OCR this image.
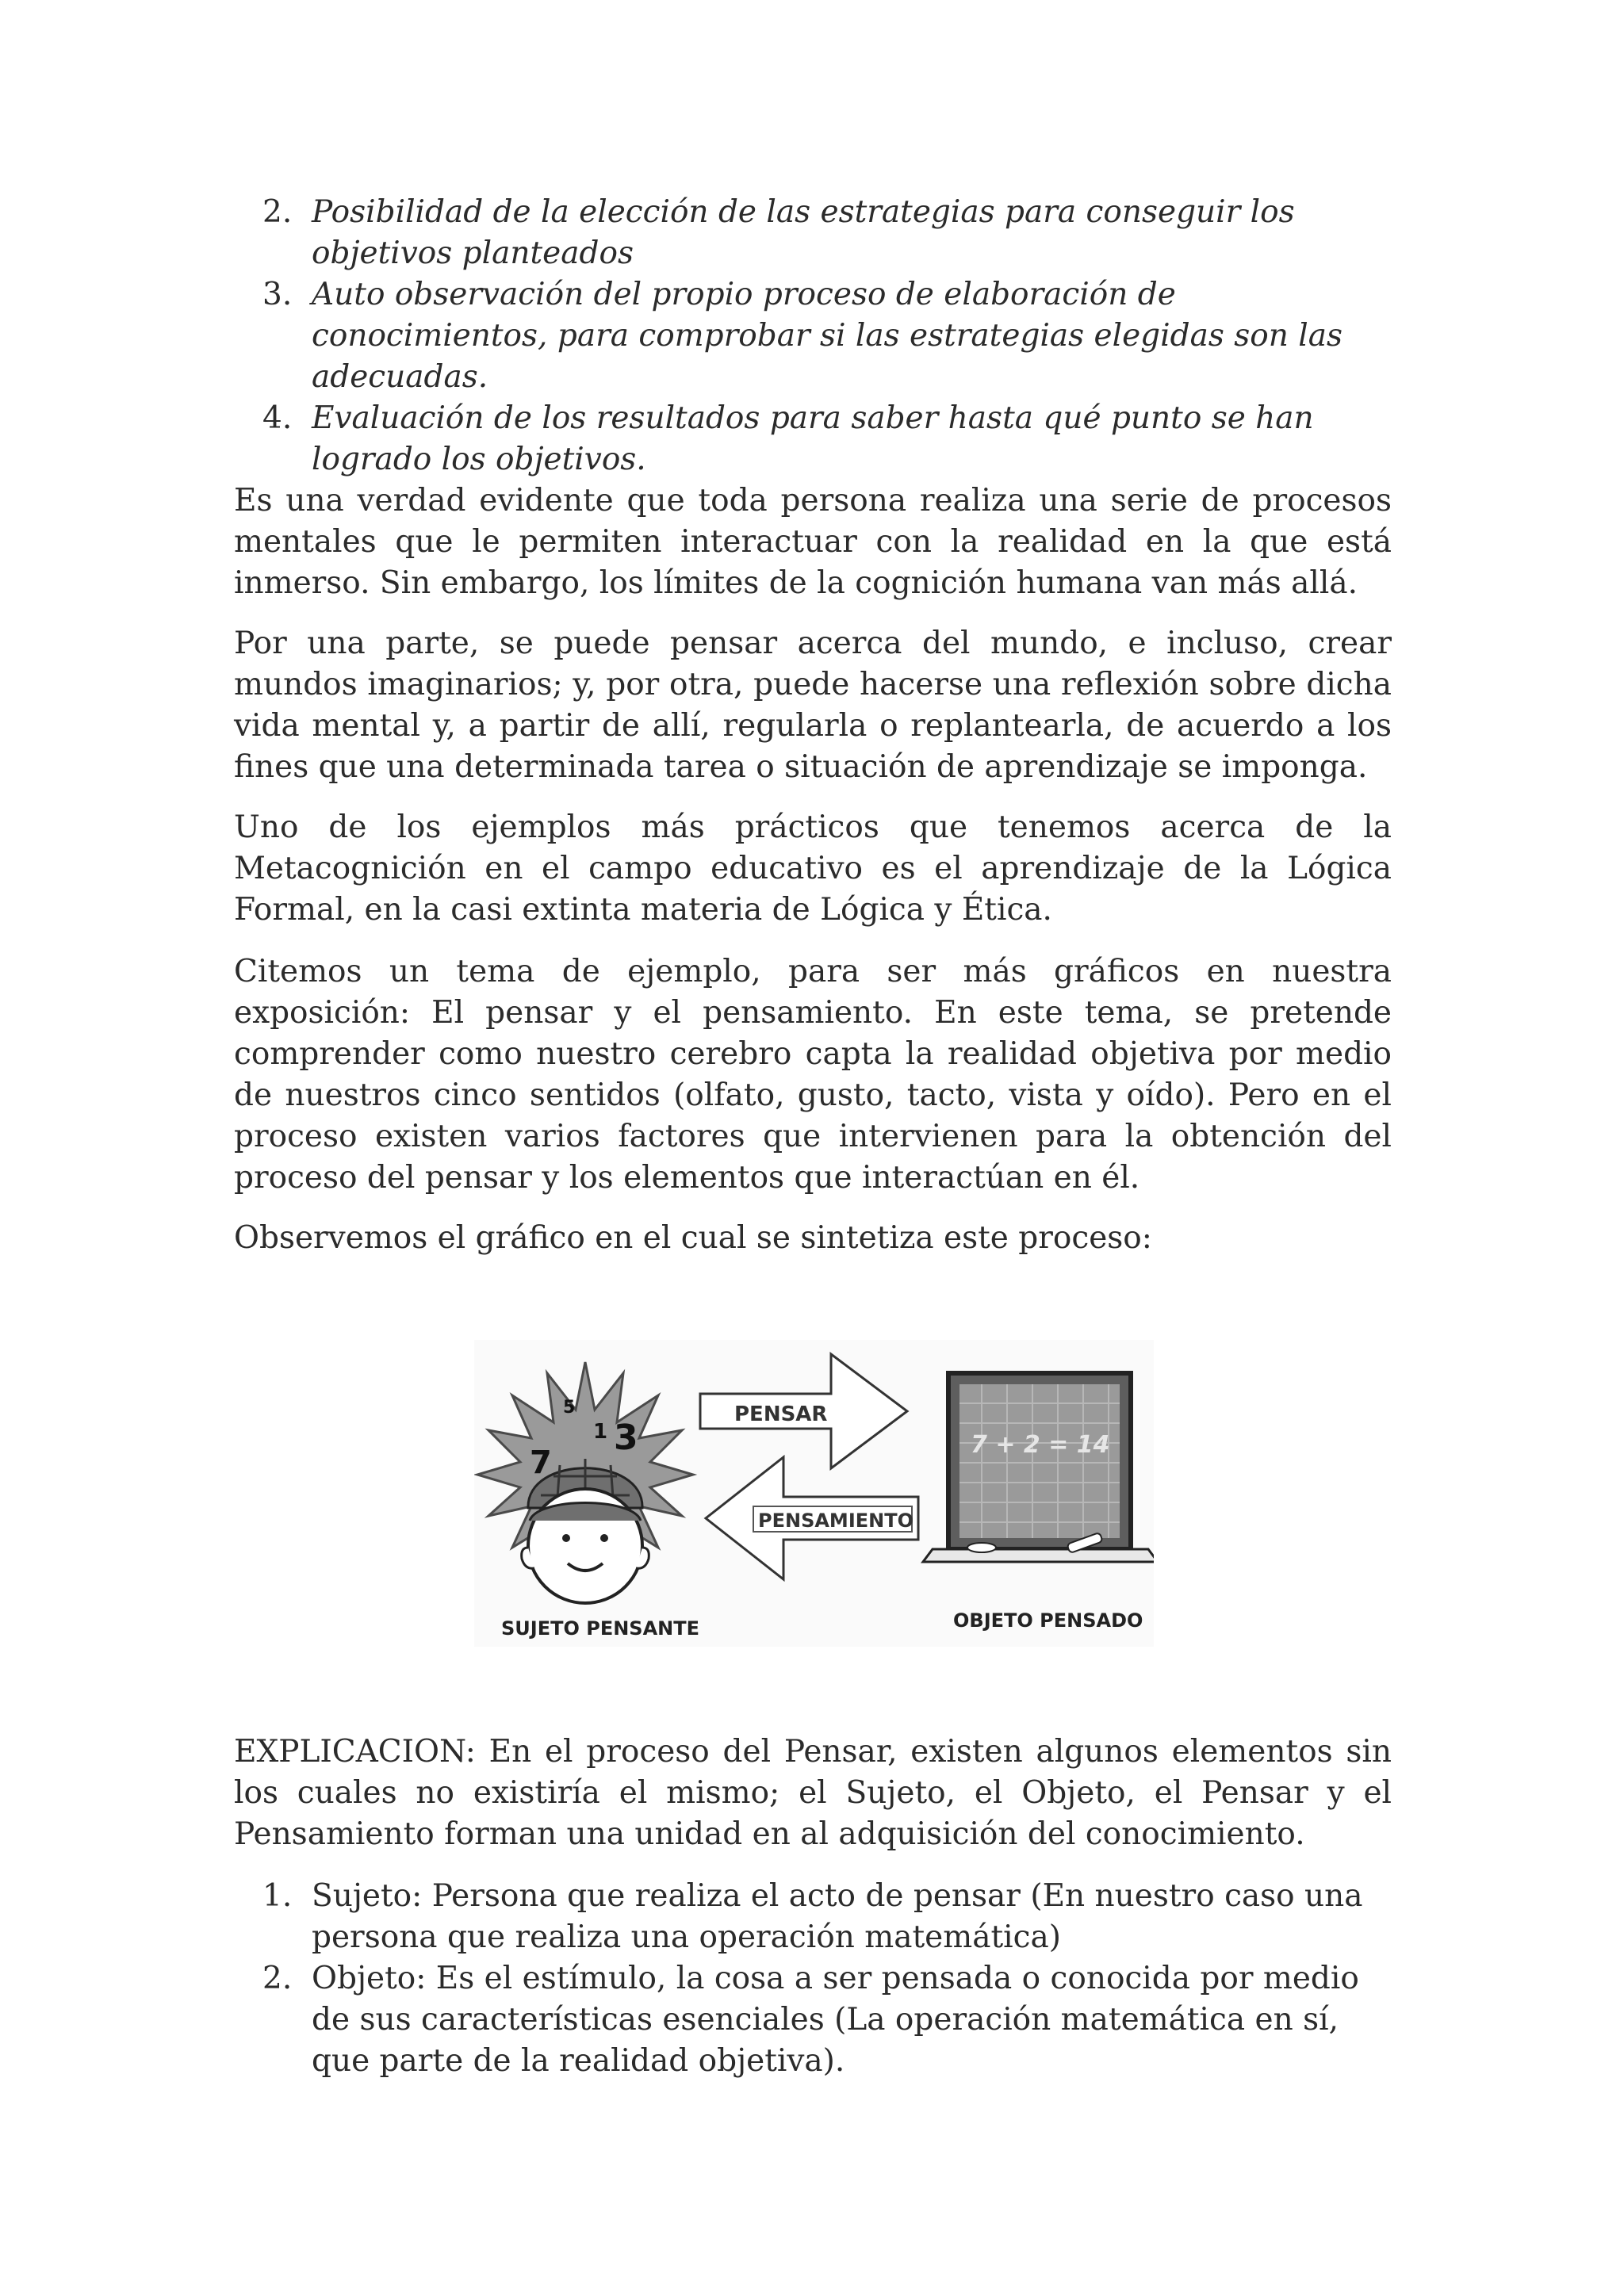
2. Posibilidad de la elección de las estrategias para conseguir los objetivos planteados
3. Auto observación del propio proceso de elaboración de conocimientos, para comprobar si las estrategias elegidas son las adecuadas.
4. Evaluación de los resultados para saber hasta qué punto se han logrado los objetivos.

Es una verdad evidente que toda persona realiza una serie de procesos mentales que le permiten interactuar con la realidad en la que está inmerso. Sin embargo, los límites de la cognición humana van más allá.

Por una parte, se puede pensar acerca del mundo, e incluso, crear mundos imaginarios; y, por otra, puede hacerse una reflexión sobre dicha vida mental y, a partir de allí, regularla o replantearla, de acuerdo a los fines que una determinada tarea o situación de aprendizaje se imponga.

Uno de los ejemplos más prácticos que tenemos acerca de la Metacognición en el campo educativo es el aprendizaje de la Lógica Formal, en la casi extinta materia de Lógica y Ética.

Citemos un tema de ejemplo, para ser más gráficos en nuestra exposición: El pensar y el pensamiento. En este tema, se pretende comprender como nuestro cerebro capta la realidad objetiva por medio de nuestros cinco sentidos (olfato, gusto, tacto, vista y oído). Pero en el proceso existen varios factores que intervienen para la obtención del proceso del pensar y los elementos que interactúan en él.

Observemos el gráfico en el cual se sintetiza este proceso:

7
3
5
1
PENSAR
PENSAMIENTO
7 + 2 = 14
SUJETO PENSANTE	OBJETO PENSADO

EXPLICACION: En el proceso del Pensar, existen algunos elementos sin los cuales no existiría el mismo; el Sujeto, el Objeto, el Pensar y el Pensamiento forman una unidad en al adquisición del conocimiento.

1. Sujeto: Persona que realiza el acto de pensar (En nuestro caso una persona que realiza una operación matemática)
2. Objeto: Es el estímulo, la cosa a ser pensada o conocida por medio de sus características esenciales (La operación matemática en sí, que parte de la realidad objetiva).
